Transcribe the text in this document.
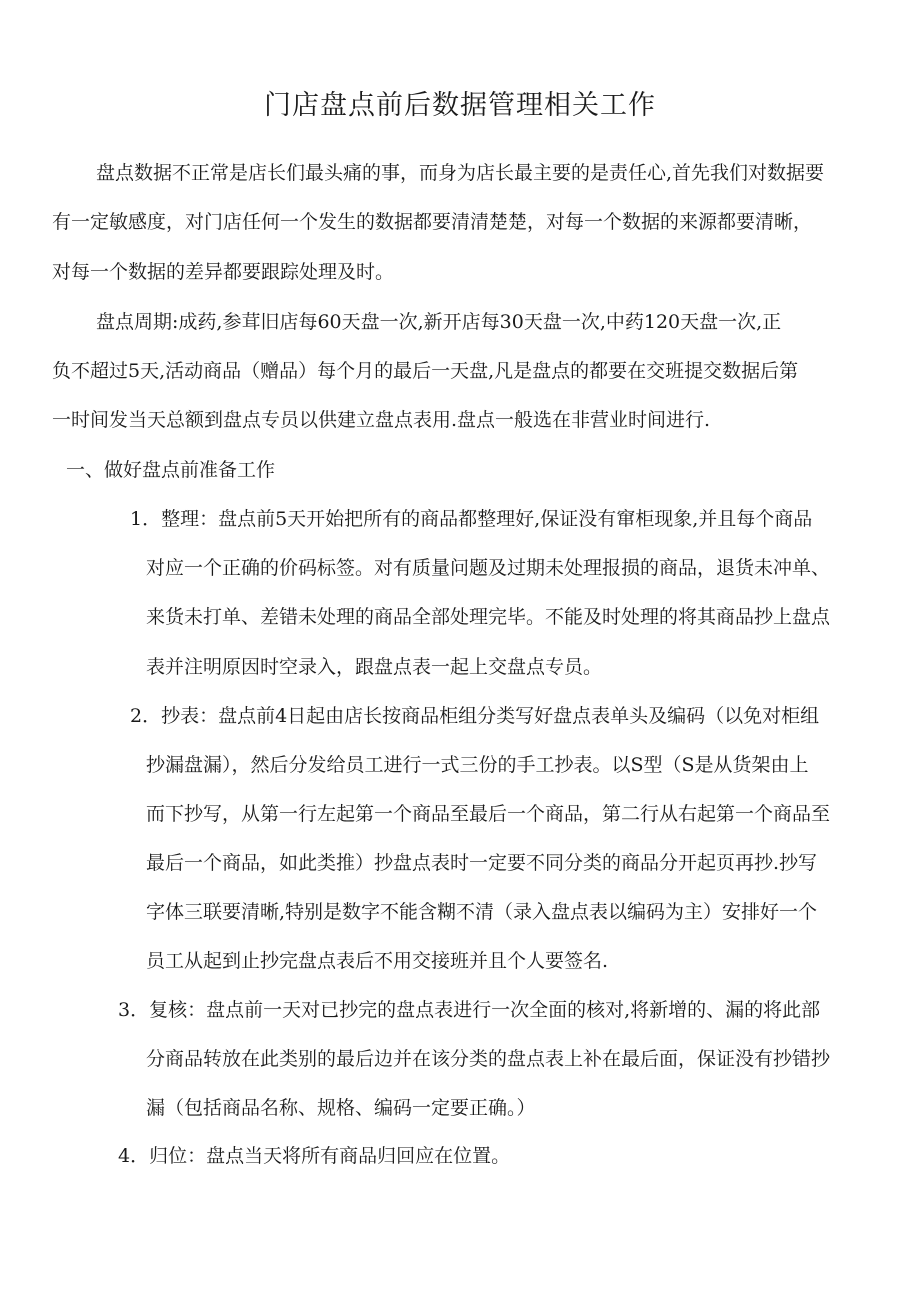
门店盘点前后数据管理相关工作
盘点数据不正常是店长们最头痛的事，而身为店长最主要的是责任心,首先我们对数据要
有一定敏感度，对门店任何一个发生的数据都要清清楚楚，对每一个数据的来源都要清晰，
对每一个数据的差异都要跟踪处理及时。
盘点周期:成药,参茸旧店每60天盘一次,新开店每30天盘一次,中药120天盘一次,正
负不超过5天,活动商品（赠品）每个月的最后一天盘,凡是盘点的都要在交班提交数据后第
一时间发当天总额到盘点专员以供建立盘点表用.盘点一般选在非营业时间进行.
一、做好盘点前准备工作
1．整理：盘点前5天开始把所有的商品都整理好,保证没有窜柜现象,并且每个商品
对应一个正确的价码标签。对有质量问题及过期未处理报损的商品，退货未冲单、
来货未打单、差错未处理的商品全部处理完毕。不能及时处理的将其商品抄上盘点
表并注明原因时空录入，跟盘点表一起上交盘点专员。
2．抄表：盘点前4日起由店长按商品柜组分类写好盘点表单头及编码（以免对柜组
抄漏盘漏），然后分发给员工进行一式三份的手工抄表。以S型（S是从货架由上
而下抄写，从第一行左起第一个商品至最后一个商品，第二行从右起第一个商品至
最后一个商品，如此类推）抄盘点表时一定要不同分类的商品分开起页再抄.抄写
字体三联要清晰,特别是数字不能含糊不清（录入盘点表以编码为主）安排好一个
员工从起到止抄完盘点表后不用交接班并且个人要签名.
3．复核：盘点前一天对已抄完的盘点表进行一次全面的核对,将新增的、漏的将此部
分商品转放在此类别的最后边并在该分类的盘点表上补在最后面，保证没有抄错抄
漏（包括商品名称、规格、编码一定要正确。）
4．归位：盘点当天将所有商品归回应在位置。
